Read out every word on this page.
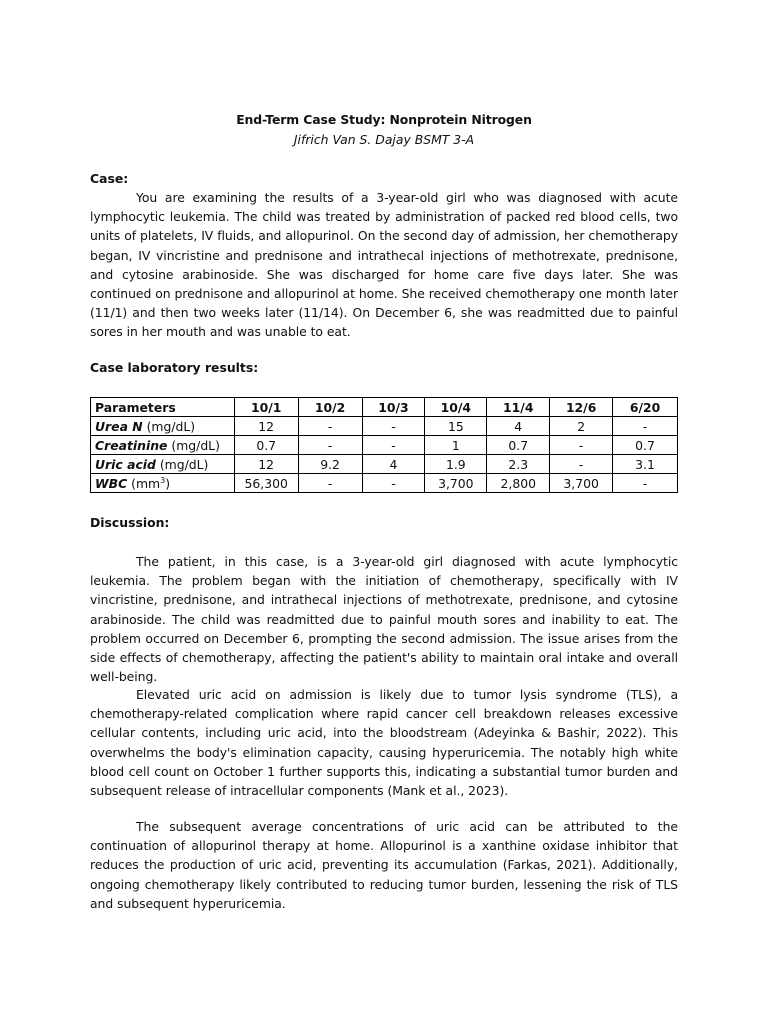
End-Term Case Study: Nonprotein Nitrogen
Jifrich Van S. Dajay BSMT 3-A
Case:

You are examining the results of a 3-year-old girl who was diagnosed with acute lymphocytic leukemia. The child was treated by administration of packed red blood cells, two units of platelets, IV fluids, and allopurinol. On the second day of admission, her chemotherapy began, IV vincristine and prednisone and intrathecal injections of methotrexate, prednisone, and cytosine arabinoside. She was discharged for home care five days later. She was continued on prednisone and allopurinol at home. She received chemotherapy one month later (11/1) and then two weeks later (11/14). On December 6, she was readmitted due to painful sores in her mouth and was unable to eat.

Case laboratory results:
Parameters	10/1	10/2	10/3	10/4	11/4	12/6	6/20
Urea N (mg/dL)	12	-	-	15	4	2	-
Creatinine (mg/dL)	0.7	-	-	1	0.7	-	0.7
Uric acid (mg/dL)	12	9.2	4	1.9	2.3	-	3.1
WBC $(mm^3)$	56,300	-	-	3,700	2,800	3,700	-
Discussion:

The patient, in this case, is a 3-year-old girl diagnosed with acute lymphocytic leukemia. The problem began with the initiation of chemotherapy, specifically with IV vincristine, prednisone, and intrathecal injections of methotrexate, prednisone, and cytosine arabinoside. The child was readmitted due to painful mouth sores and inability to eat. The problem occurred on December 6, prompting the second admission. The issue arises from the side effects of chemotherapy, affecting the patient's ability to maintain oral intake and overall well-being.

Elevated uric acid on admission is likely due to tumor lysis syndrome (TLS), a chemotherapy-related complication where rapid cancer cell breakdown releases excessive cellular contents, including uric acid, into the bloodstream (Adeyinka & Bashir, 2022). This overwhelms the body's elimination capacity, causing hyperuricemia. The notably high white blood cell count on October 1 further supports this, indicating a substantial tumor burden and subsequent release of intracellular components (Mank et al., 2023).

The subsequent average concentrations of uric acid can be attributed to the continuation of allopurinol therapy at home. Allopurinol is a xanthine oxidase inhibitor that reduces the production of uric acid, preventing its accumulation (Farkas, 2021). Additionally, ongoing chemotherapy likely contributed to reducing tumor burden, lessening the risk of TLS and subsequent hyperuricemia.
